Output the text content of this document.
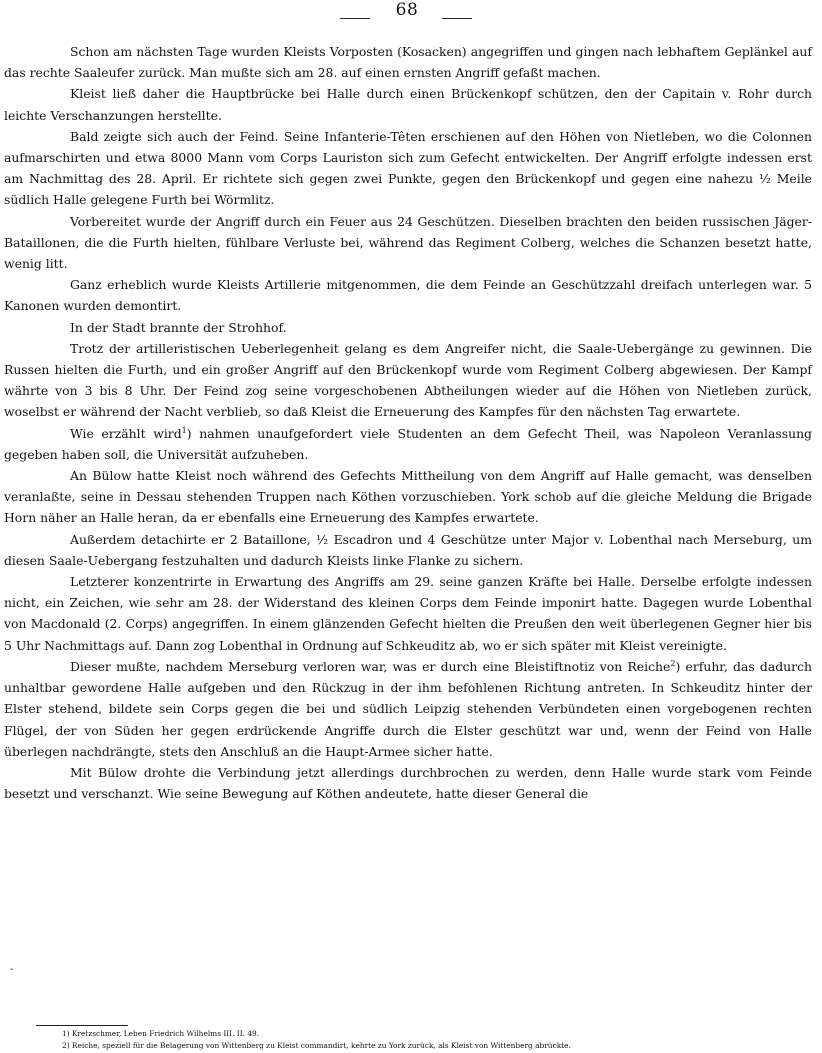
68

Schon am nächsten Tage wurden Kleists Vorposten (Kosacken) angegriffen und gingen nach lebhaftem Geplänkel auf das rechte Saaleufer zurück. Man mußte sich am 28. auf einen ernsten Angriff gefaßt machen.

Kleist ließ daher die Hauptbrücke bei Halle durch einen Brückenkopf schützen, den der Capitain v. Rohr durch leichte Verschanzungen herstellte.

Bald zeigte sich auch der Feind. Seine Infanterie-Têten erschienen auf den Höhen von Nietleben, wo die Colonnen aufmarschirten und etwa 8000 Mann vom Corps Lauriston sich zum Gefecht entwickelten. Der Angriff erfolgte indessen erst am Nachmittag des 28. April. Er richtete sich gegen zwei Punkte, gegen den Brückenkopf und gegen eine nahezu ½ Meile südlich Halle gelegene Furth bei Wörmlitz.

Vorbereitet wurde der Angriff durch ein Feuer aus 24 Geschützen. Dieselben brachten den beiden russischen Jäger-Bataillonen, die die Furth hielten, fühlbare Verluste bei, während das Regiment Colberg, welches die Schanzen besetzt hatte, wenig litt.

Ganz erheblich wurde Kleists Artillerie mitgenommen, die dem Feinde an Geschützzahl dreifach unterlegen war. 5 Kanonen wurden demontirt.

In der Stadt brannte der Strohhof.

Trotz der artilleristischen Ueberlegenheit gelang es dem Angreifer nicht, die Saale-Uebergänge zu gewinnen. Die Russen hielten die Furth, und ein großer Angriff auf den Brückenkopf wurde vom Regiment Colberg abgewiesen. Der Kampf währte von 3 bis 8 Uhr. Der Feind zog seine vorgeschobenen Abtheilungen wieder auf die Höhen von Nietleben zurück, woselbst er während der Nacht verblieb, so daß Kleist die Erneuerung des Kampfes für den nächsten Tag erwartete.

Wie erzählt wird$^1$) nahmen unaufgefordert viele Studenten an dem Gefecht Theil, was Napoleon Veranlassung gegeben haben soll, die Universität aufzuheben.

An Bülow hatte Kleist noch während des Gefechts Mittheilung von dem Angriff auf Halle gemacht, was denselben veranlaßte, seine in Dessau stehenden Truppen nach Köthen vorzuschieben. York schob auf die gleiche Meldung die Brigade Horn näher an Halle heran, da er ebenfalls eine Erneuerung des Kampfes erwartete.

Außerdem detachirte er 2 Bataillone, ½ Escadron und 4 Geschütze unter Major v. Lobenthal nach Merseburg, um diesen Saale-Uebergang festzuhalten und dadurch Kleists linke Flanke zu sichern.

Letzterer konzentrirte in Erwartung des Angriffs am 29. seine ganzen Kräfte bei Halle. Derselbe erfolgte indessen nicht, ein Zeichen, wie sehr am 28. der Widerstand des kleinen Corps dem Feinde imponirt hatte. Dagegen wurde Lobenthal von Macdonald (2. Corps) angegriffen. In einem glänzenden Gefecht hielten die Preußen den weit überlegenen Gegner hier bis 5 Uhr Nachmittags auf. Dann zog Lobenthal in Ordnung auf Schkeuditz ab, wo er sich später mit Kleist vereinigte.

Dieser mußte, nachdem Merseburg verloren war, was er durch eine Bleistiftnotiz von Reiche$^2$) erfuhr, das dadurch unhaltbar gewordene Halle aufgeben und den Rückzug in der ihm befohlenen Richtung antreten. In Schkeuditz hinter der Elster stehend, bildete sein Corps gegen die bei und südlich Leipzig stehenden Verbündeten einen vorgebogenen rechten Flügel, der von Süden her gegen erdrückende Angriffe durch die Elster geschützt war und, wenn der Feind von Halle überlegen nachdrängte, stets den Anschluß an die Haupt-Armee sicher hatte.

Mit Bülow drohte die Verbindung jetzt allerdings durchbrochen zu werden, denn Halle wurde stark vom Feinde besetzt und verschanzt. Wie seine Bewegung auf Köthen andeutete, hatte dieser General die

-
1) Kretzschmer, Leben Friedrich Wilhelms III. II. 49.
2) Reiche, speziell für die Belagerung von Wittenberg zu Kleist commandirt, kehrte zu York zurück, als Kleist von Wittenberg abrückte.
